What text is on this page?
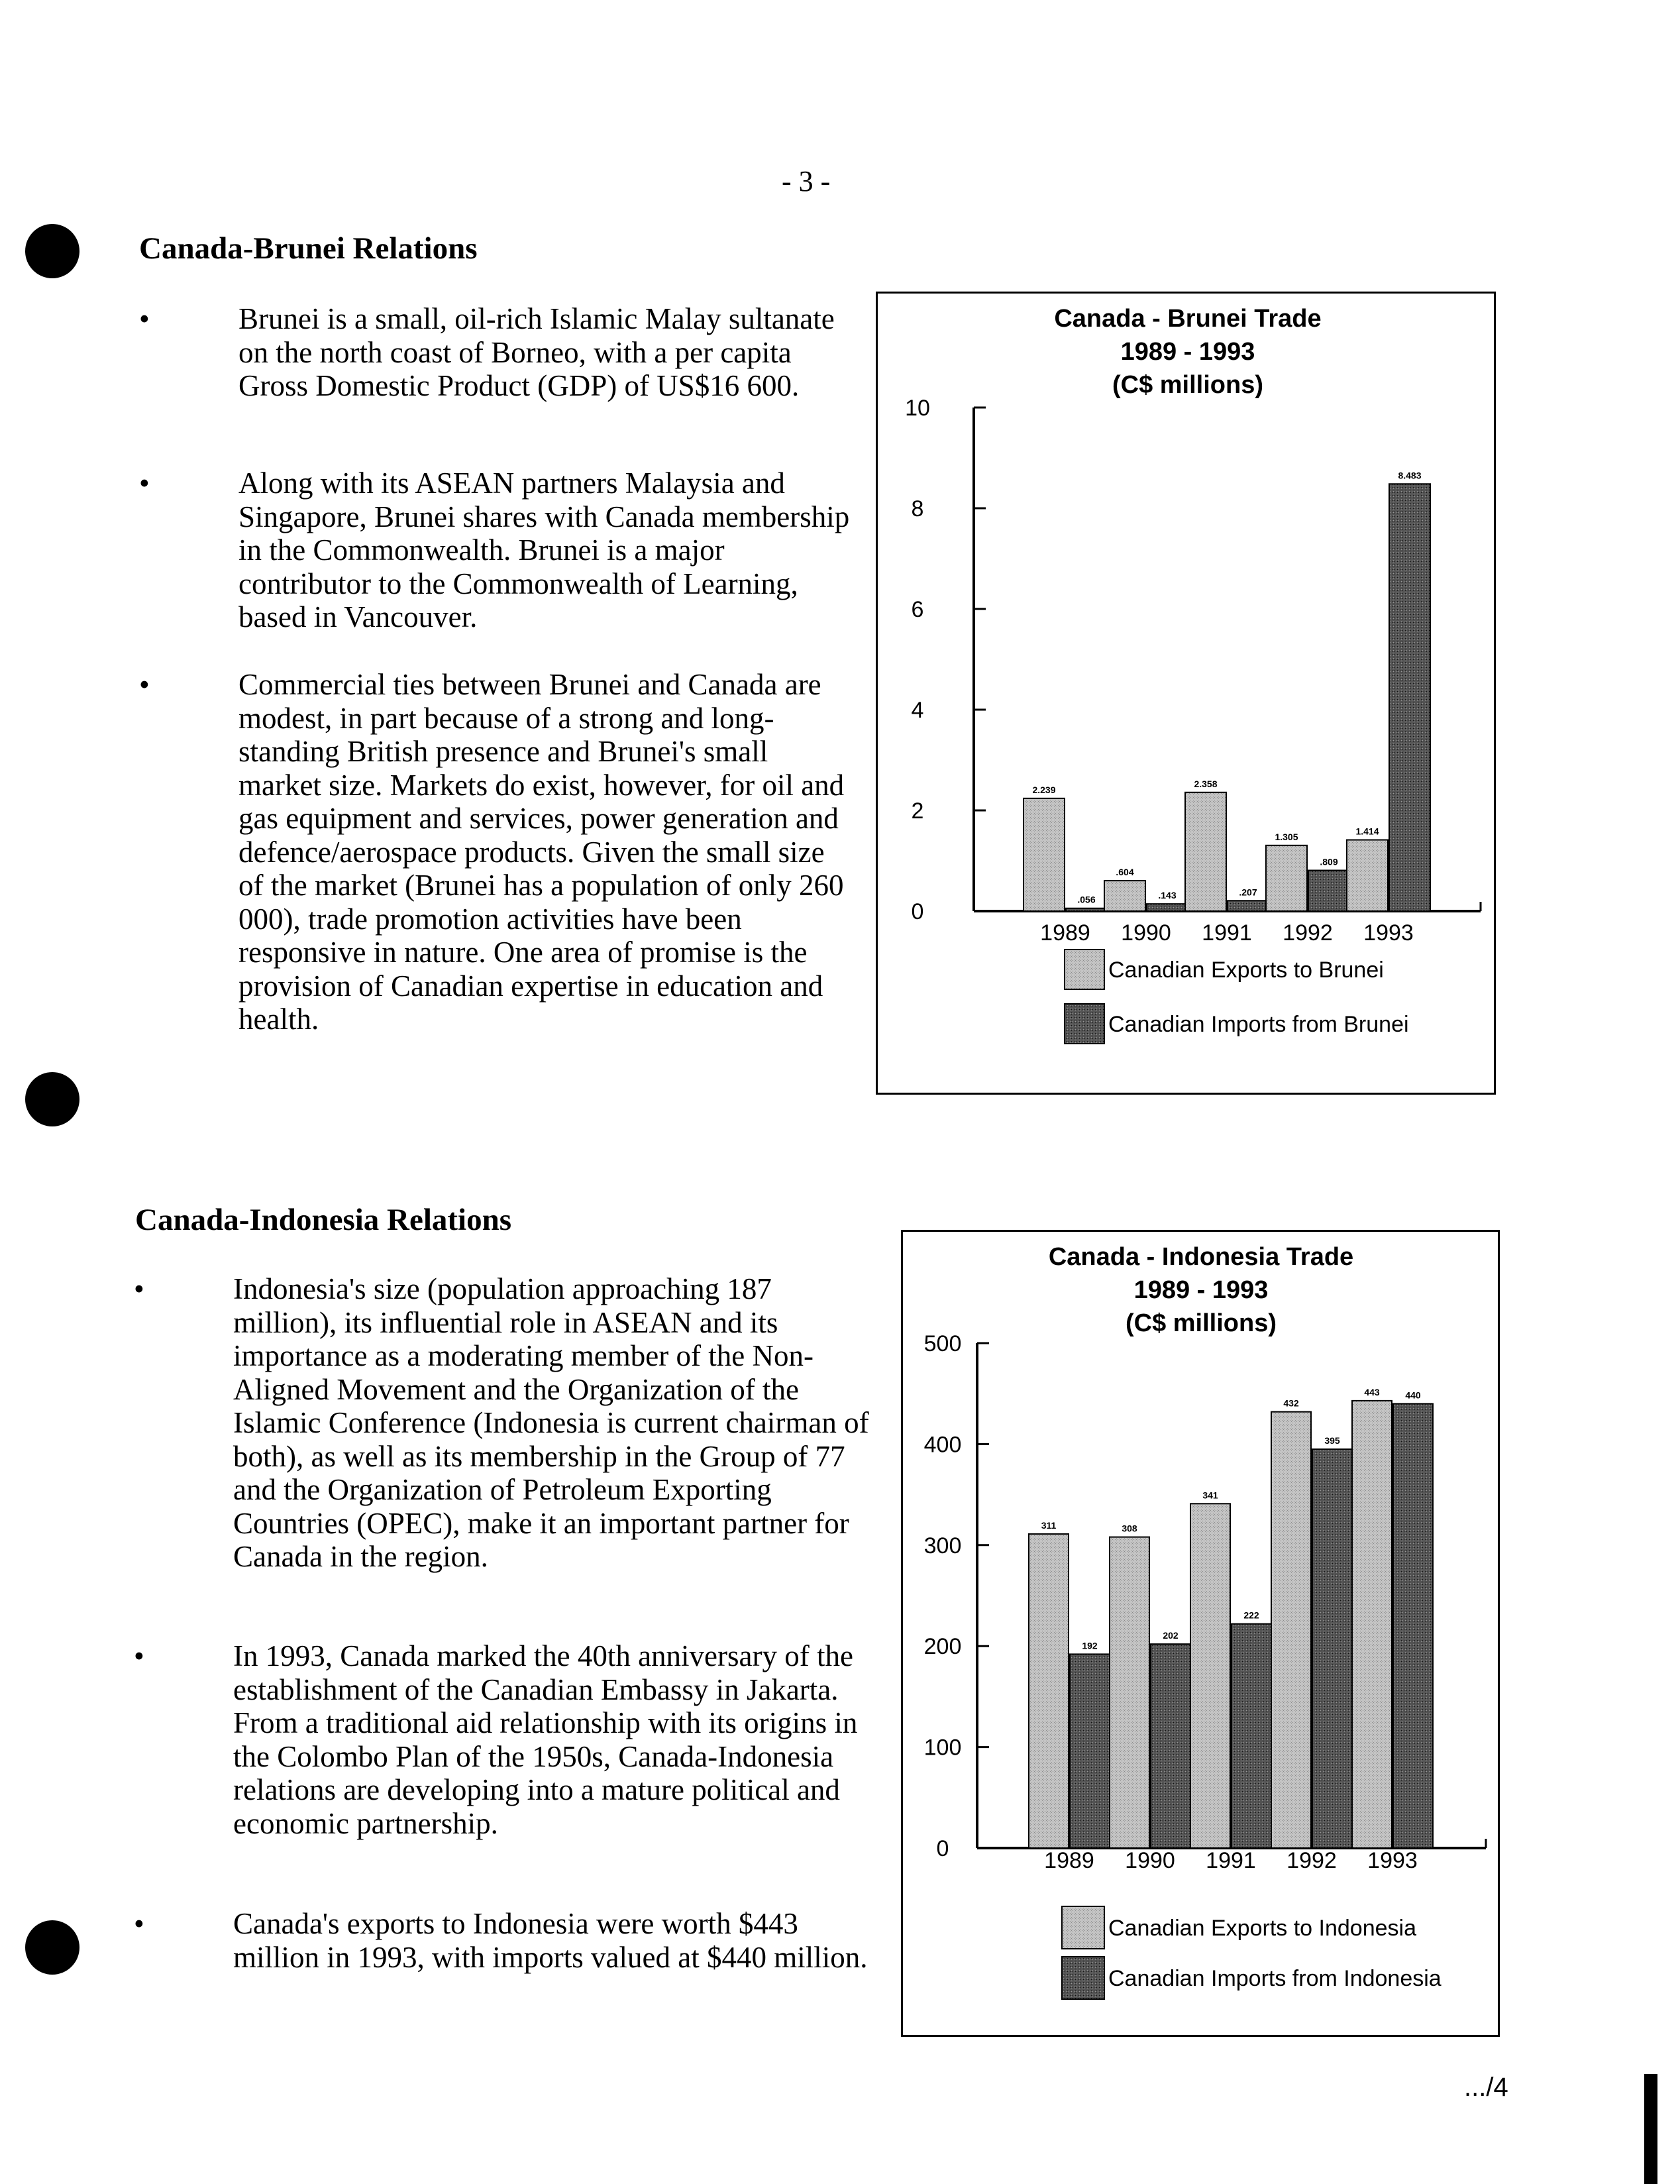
- 3 -
Canada-Brunei Relations
•	Brunei is a small, oil-rich Islamic Malay sultanate on the north coast of Borneo, with a per capita Gross Domestic Product (GDP) of US$16 600.

•	Along with its ASEAN partners Malaysia and Singapore, Brunei shares with Canada membership in the Commonwealth. Brunei is a major contributor to the Commonwealth of Learning, based in Vancouver.

•	Commercial ties between Brunei and Canada are modest, in part because of a strong and long-standing British presence and Brunei's small market size. Markets do exist, however, for oil and gas equipment and services, power generation and defence/aerospace products. Given the small size of the market (Brunei has a population of only 260 000), trade promotion activities have been responsive in nature. One area of promise is the provision of Canadian expertise in education and health.

Canada - Brunei Trade
1989 - 1993
(C$ millions)
0
2
4
6
8
10
2.239
.056
1989
.604
.143
1990
2.358
.207
1991
1.305
.809
1992
1.414
8.483
1993
Canadian Exports to Brunei
Canadian Imports from Brunei
Canada-Indonesia Relations
•	Indonesia's size (population approaching 187 million), its influential role in ASEAN and its importance as a moderating member of the Non-Aligned Movement and the Organization of the Islamic Conference (Indonesia is current chairman of both), as well as its membership in the Group of 77 and the Organization of Petroleum Exporting Countries (OPEC), make it an important partner for Canada in the region.

•	In 1993, Canada marked the 40th anniversary of the establishment of the Canadian Embassy in Jakarta. From a traditional aid relationship with its origins in the Colombo Plan of the 1950s, Canada-Indonesia relations are developing into a mature political and economic partnership.

•	Canada's exports to Indonesia were worth $443 million in 1993, with imports valued at $440 million.

Canada - Indonesia Trade
1989 - 1993
(C$ millions)
0
100
200
300
400
500
311
192
1989
308
202
1990
341
222
1991
432
395
1992
443	440
1993
Canadian Exports to Indonesia
Canadian Imports from Indonesia
.../4
